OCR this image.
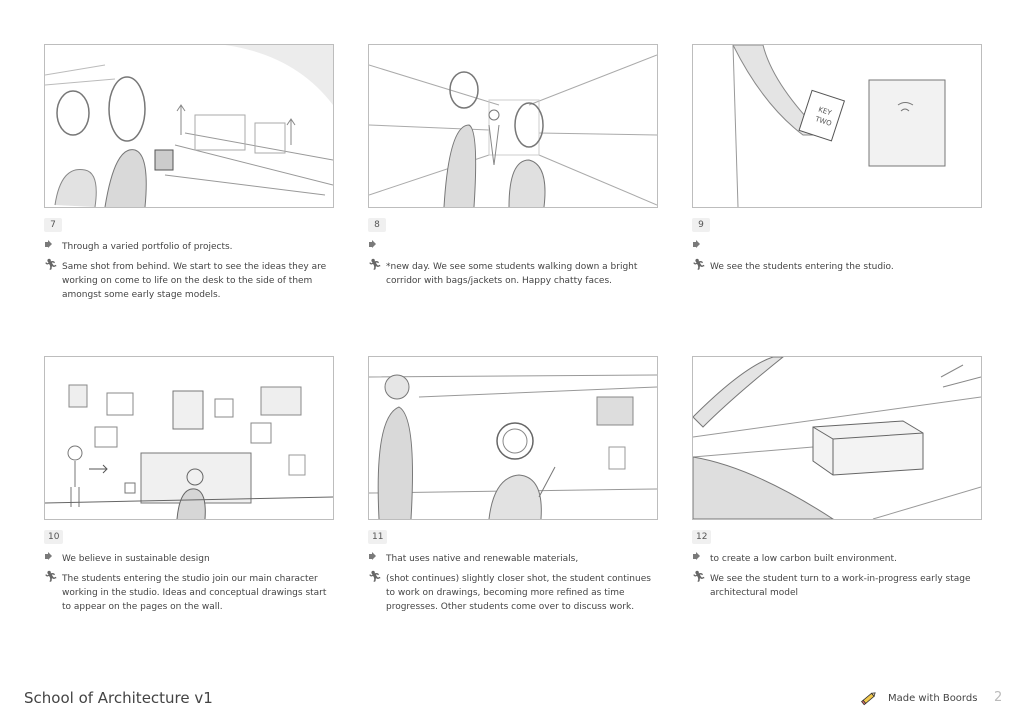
7
Through a varied portfolio of projects.
🏃︎ Same shot from behind. We start to see the ideas they are working on come to life on the desk to the side of them amongst some early stage models.
8
🏃︎ *new day. We see some students walking down a bright corridor with bags/jackets on. Happy chatty faces.
KEY
TWO
9
🏃︎ We see the students entering the studio.
10
We believe in sustainable design
🏃︎ The students entering the studio join our main character working in the studio. Ideas and conceptual drawings start to appear on the pages on the wall.
11
That uses native and renewable materials,
🏃︎ (shot continues) slightly closer shot, the student continues to work on drawings, becoming more refined as time progresses. Other students come over to discuss work.
12
to create a low carbon built environment.
🏃︎ We see the student turn to a work-in-progress early stage architectural model
School of Architecture v1	Made with Boords 2
